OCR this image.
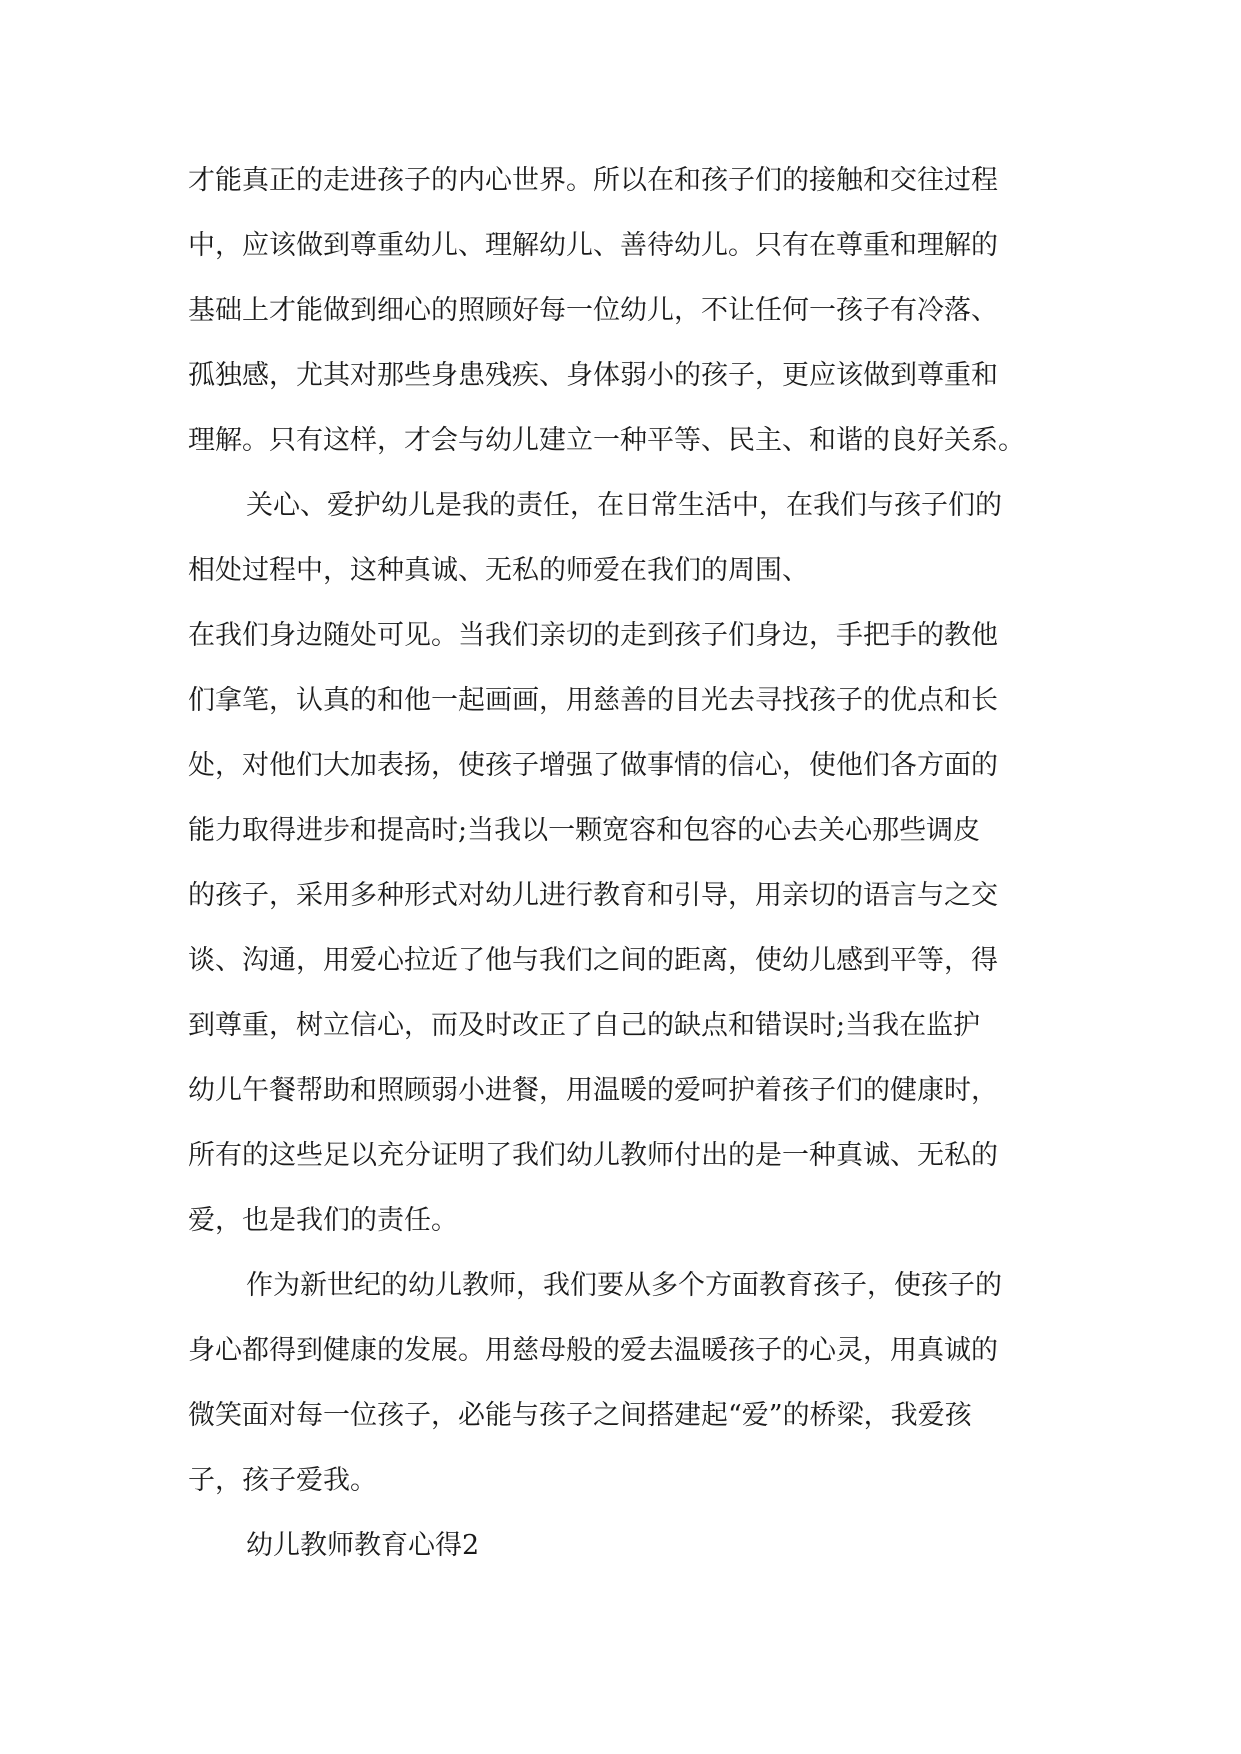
才能真正的走进孩子的内心世界。所以在和孩子们的接触和交往过程
中，应该做到尊重幼儿、理解幼儿、善待幼儿。只有在尊重和理解的
基础上才能做到细心的照顾好每一位幼儿，不让任何一孩子有冷落、
孤独感，尤其对那些身患残疾、身体弱小的孩子，更应该做到尊重和
理解。只有这样，才会与幼儿建立一种平等、民主、和谐的良好关系。
关心、爱护幼儿是我的责任，在日常生活中，在我们与孩子们的
相处过程中，这种真诚、无私的师爱在我们的周围、
在我们身边随处可见。当我们亲切的走到孩子们身边，手把手的教他
们拿笔，认真的和他一起画画，用慈善的目光去寻找孩子的优点和长
处，对他们大加表扬，使孩子增强了做事情的信心，使他们各方面的
能力取得进步和提高时;当我以一颗宽容和包容的心去关心那些调皮
的孩子，采用多种形式对幼儿进行教育和引导，用亲切的语言与之交
谈、沟通，用爱心拉近了他与我们之间的距离，使幼儿感到平等，得
到尊重，树立信心，而及时改正了自己的缺点和错误时;当我在监护
幼儿午餐帮助和照顾弱小进餐，用温暖的爱呵护着孩子们的健康时，
所有的这些足以充分证明了我们幼儿教师付出的是一种真诚、无私的
爱，也是我们的责任。
作为新世纪的幼儿教师，我们要从多个方面教育孩子，使孩子的
身心都得到健康的发展。用慈母般的爱去温暖孩子的心灵，用真诚的
微笑面对每一位孩子，必能与孩子之间搭建起“爱”的桥梁，我爱孩
子，孩子爱我。
幼儿教师教育心得2
